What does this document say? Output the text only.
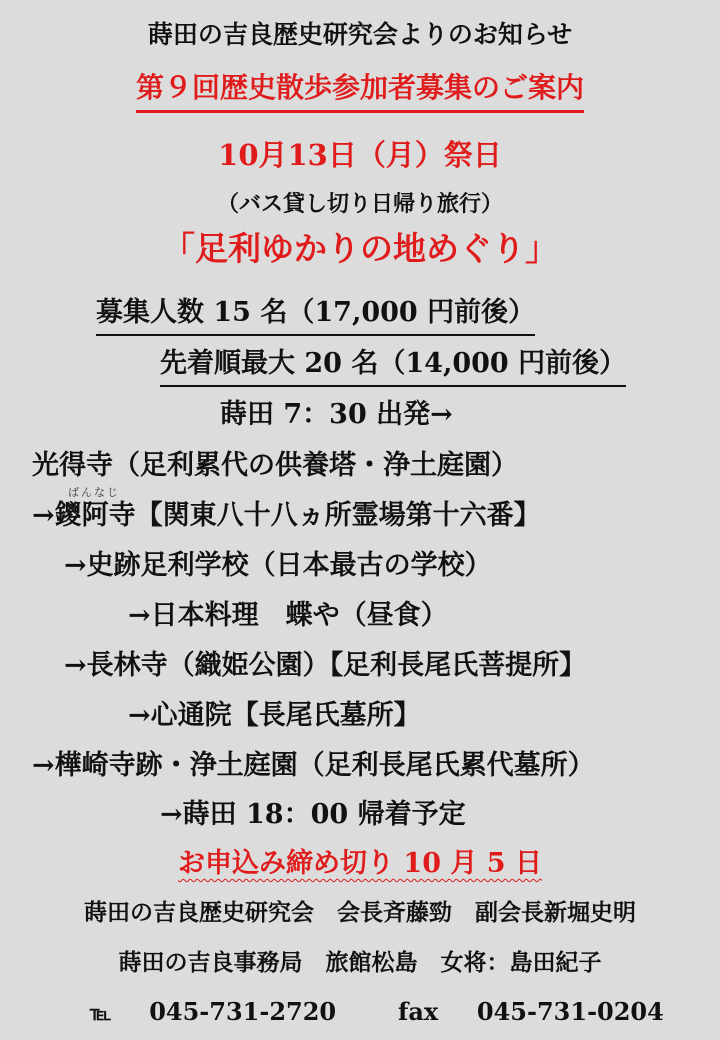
蒔田の吉良歴史研究会よりのお知らせ
第９回歴史散歩参加者募集のご案内
10月13日（月）祭日
（バス貸し切り日帰り旅行）
「足利ゆかりの地めぐり」
募集人数 15 名（17,000 円前後）
先着順最大 20 名（14,000 円前後）
蒔田 7：30 出発→
光得寺（足利累代の供養塔・浄土庭園）
ばんなじ
→鑁阿寺【関東八十八ヵ所霊場第十六番】
→史跡足利学校（日本最古の学校）
→日本料理　蝶や（昼食）
→長林寺（織姫公園）【足利長尾氏菩提所】
→心通院【長尾氏墓所】
→樺崎寺跡・浄土庭園（足利長尾氏累代墓所）
→蒔田 18：00 帰着予定
お申込み締め切り 10 月 5 日
蒔田の吉良歴史研究会　会長斉藤勁　副会長新堀史明
蒔田の吉良事務局　旅館松島　女将：島田紀子
℡ 045-731-2720	fax 045-731-0204
